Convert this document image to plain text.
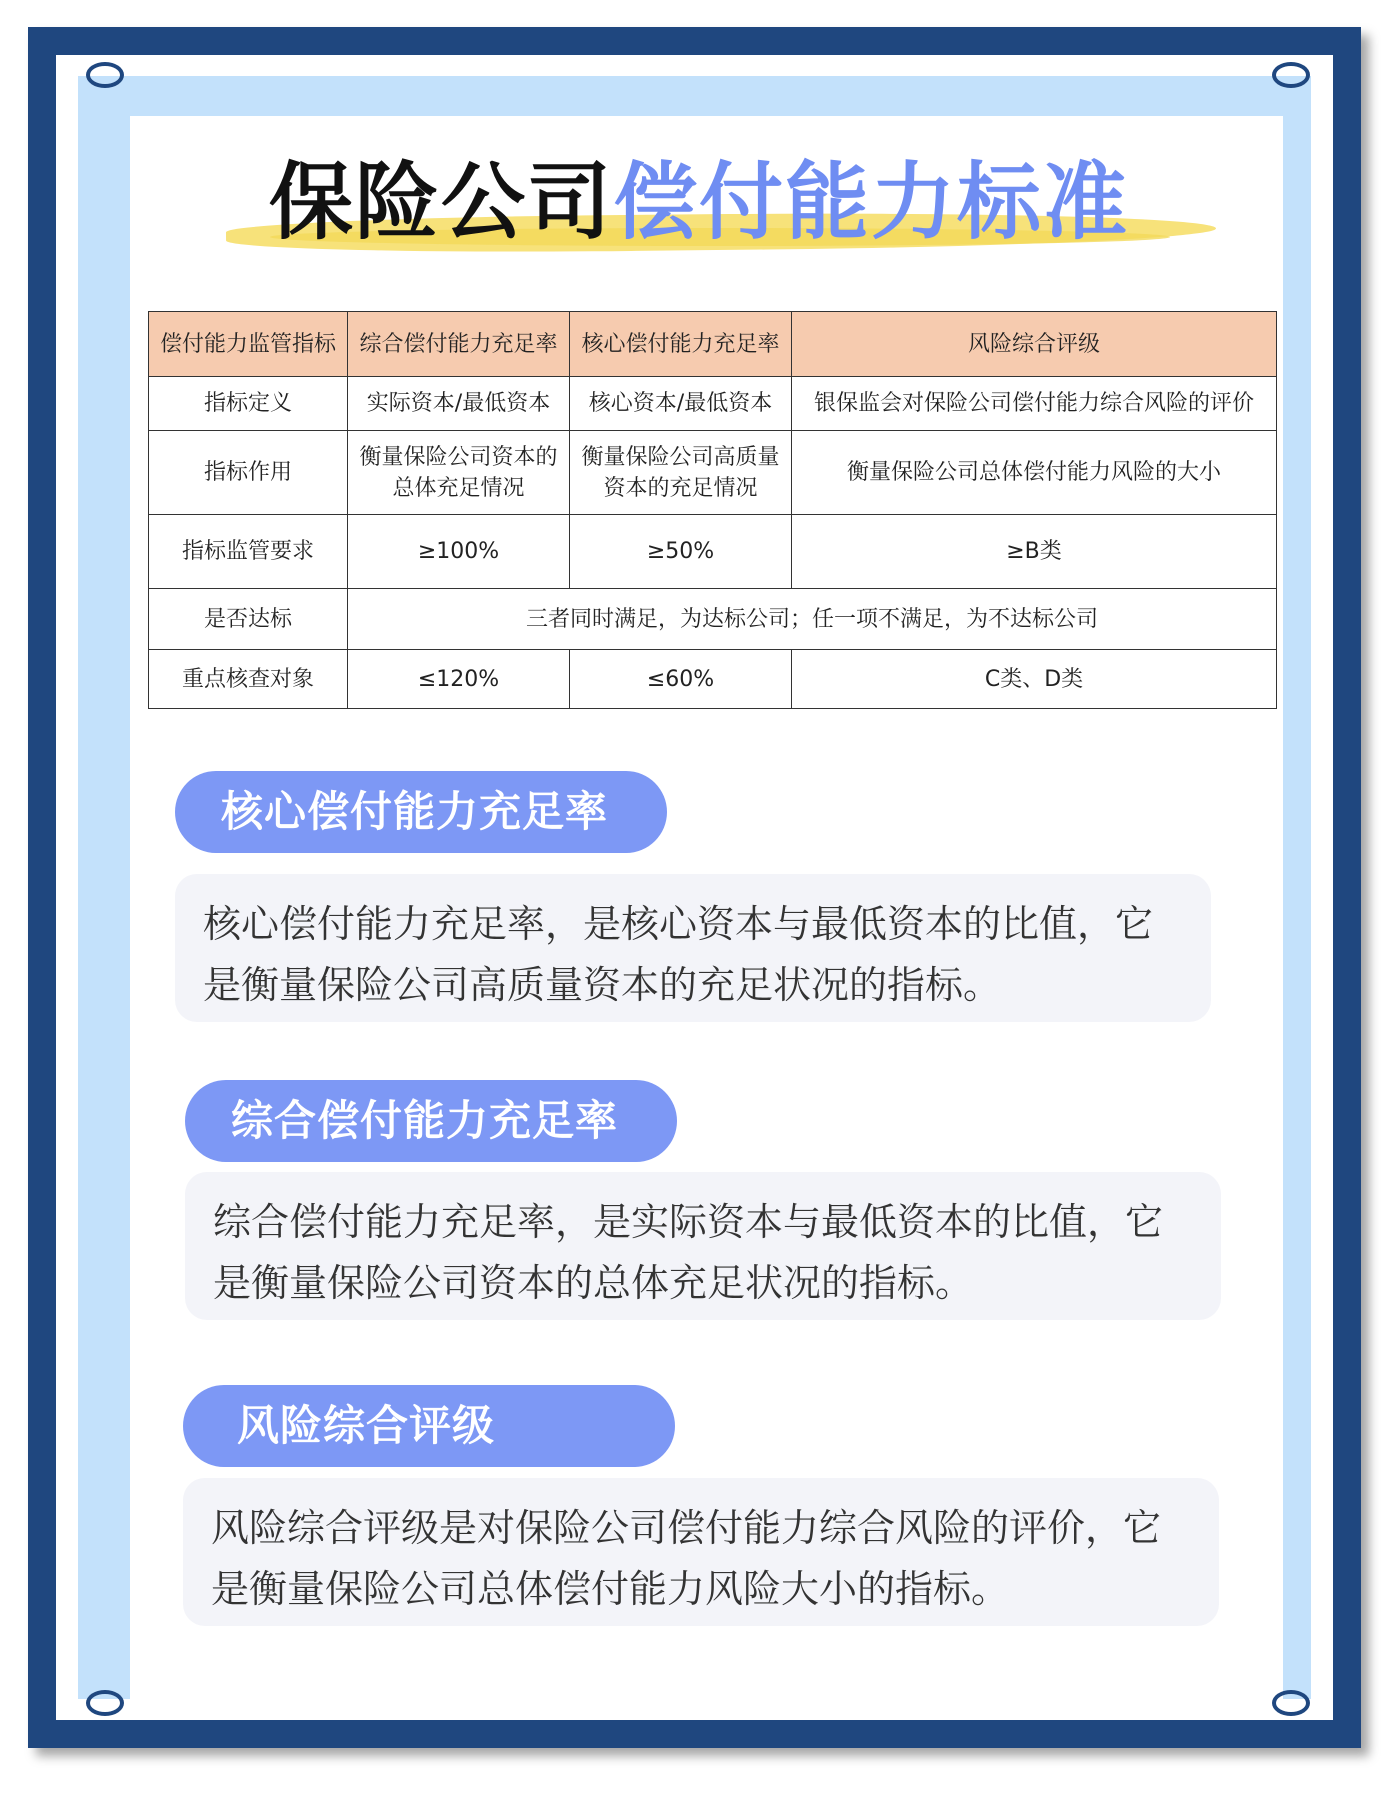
保险公司偿付能力标准
偿付能力监管指标	综合偿付能力充足率	核心偿付能力充足率	风险综合评级
指标定义	实际资本/最低资本	核心资本/最低资本	银保监会对保险公司偿付能力综合风险的评价
指标作用	衡量保险公司资本的总体充足情况	衡量保险公司高质量资本的充足情况	衡量保险公司总体偿付能力风险的大小
指标监管要求	≥100%	≥50%	≥B类
是否达标	三者同时满足，为达标公司；任一项不满足，为不达标公司		
重点核查对象	≤120%	≤60%	C类、D类
核心偿付能力充足率
核心偿付能力充足率，是核心资本与最低资本的比值，它是衡量保险公司高质量资本的充足状况的指标。
综合偿付能力充足率
综合偿付能力充足率，是实际资本与最低资本的比值，它是衡量保险公司资本的总体充足状况的指标。
风险综合评级
风险综合评级是对保险公司偿付能力综合风险的评价，它是衡量保险公司总体偿付能力风险大小的指标。
